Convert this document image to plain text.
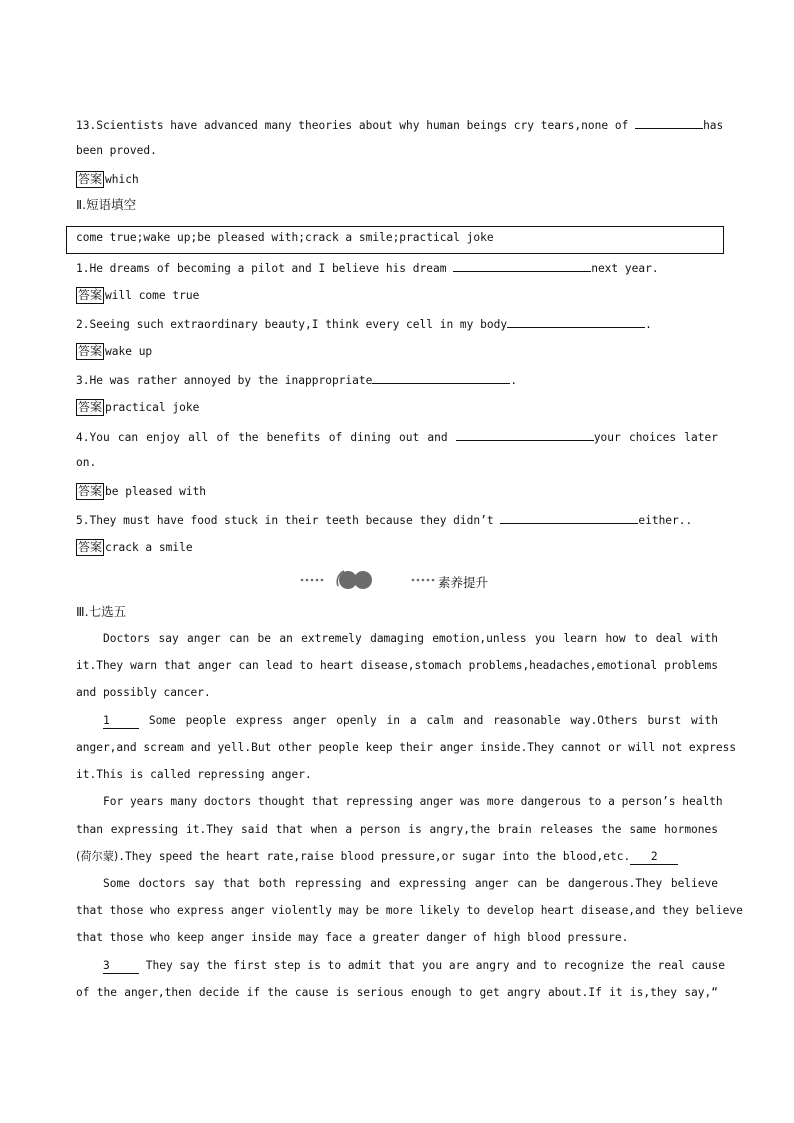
13.Scientists have advanced many theories about why human beings cry tears,none of	has
been proved.
答案 which
Ⅱ.短语填空
come true;wake up;be pleased with;crack a smile;practical joke
1.He dreams of becoming a pilot and I believe his dream	next year.
答案 will come true
2.Seeing such extraordinary beauty,I think every cell in my body	.
答案 wake up
3.He was rather annoyed by the inappropriate	.
答案 practical joke
4.You can enjoy all of the benefits of dining out and	your choices later
on.
答案 be pleased with
5.They must have food stuck in their teeth because they didn’t	either..
答案 crack a smile
素养提升
Ⅲ.七选五
Doctors say anger can be an extremely damaging emotion,unless you learn how to deal with
it.They warn that anger can lead to heart disease,stomach problems,headaches,emotional problems
and possibly cancer.
1	Some people express anger openly in a calm and reasonable way.Others burst with
anger,and scream and yell.But other people keep their anger inside.They cannot or will not express
it.This is called repressing anger.
For years many doctors thought that repressing anger was more dangerous to a person’s health
than expressing it.They said that when a person is angry,the brain releases the same hormones
(荷尔蒙).They speed the heart rate,raise blood pressure,or sugar into the blood,etc. 2
Some doctors say that both repressing and expressing anger can be dangerous.They believe
that those who express anger violently may be more likely to develop heart disease,and they believe
that those who keep anger inside may face a greater danger of high blood pressure.
3	They say the first step is to admit that you are angry and to recognize the real cause
of the anger,then decide if the cause is serious enough to get angry about.If it is,they say,“
